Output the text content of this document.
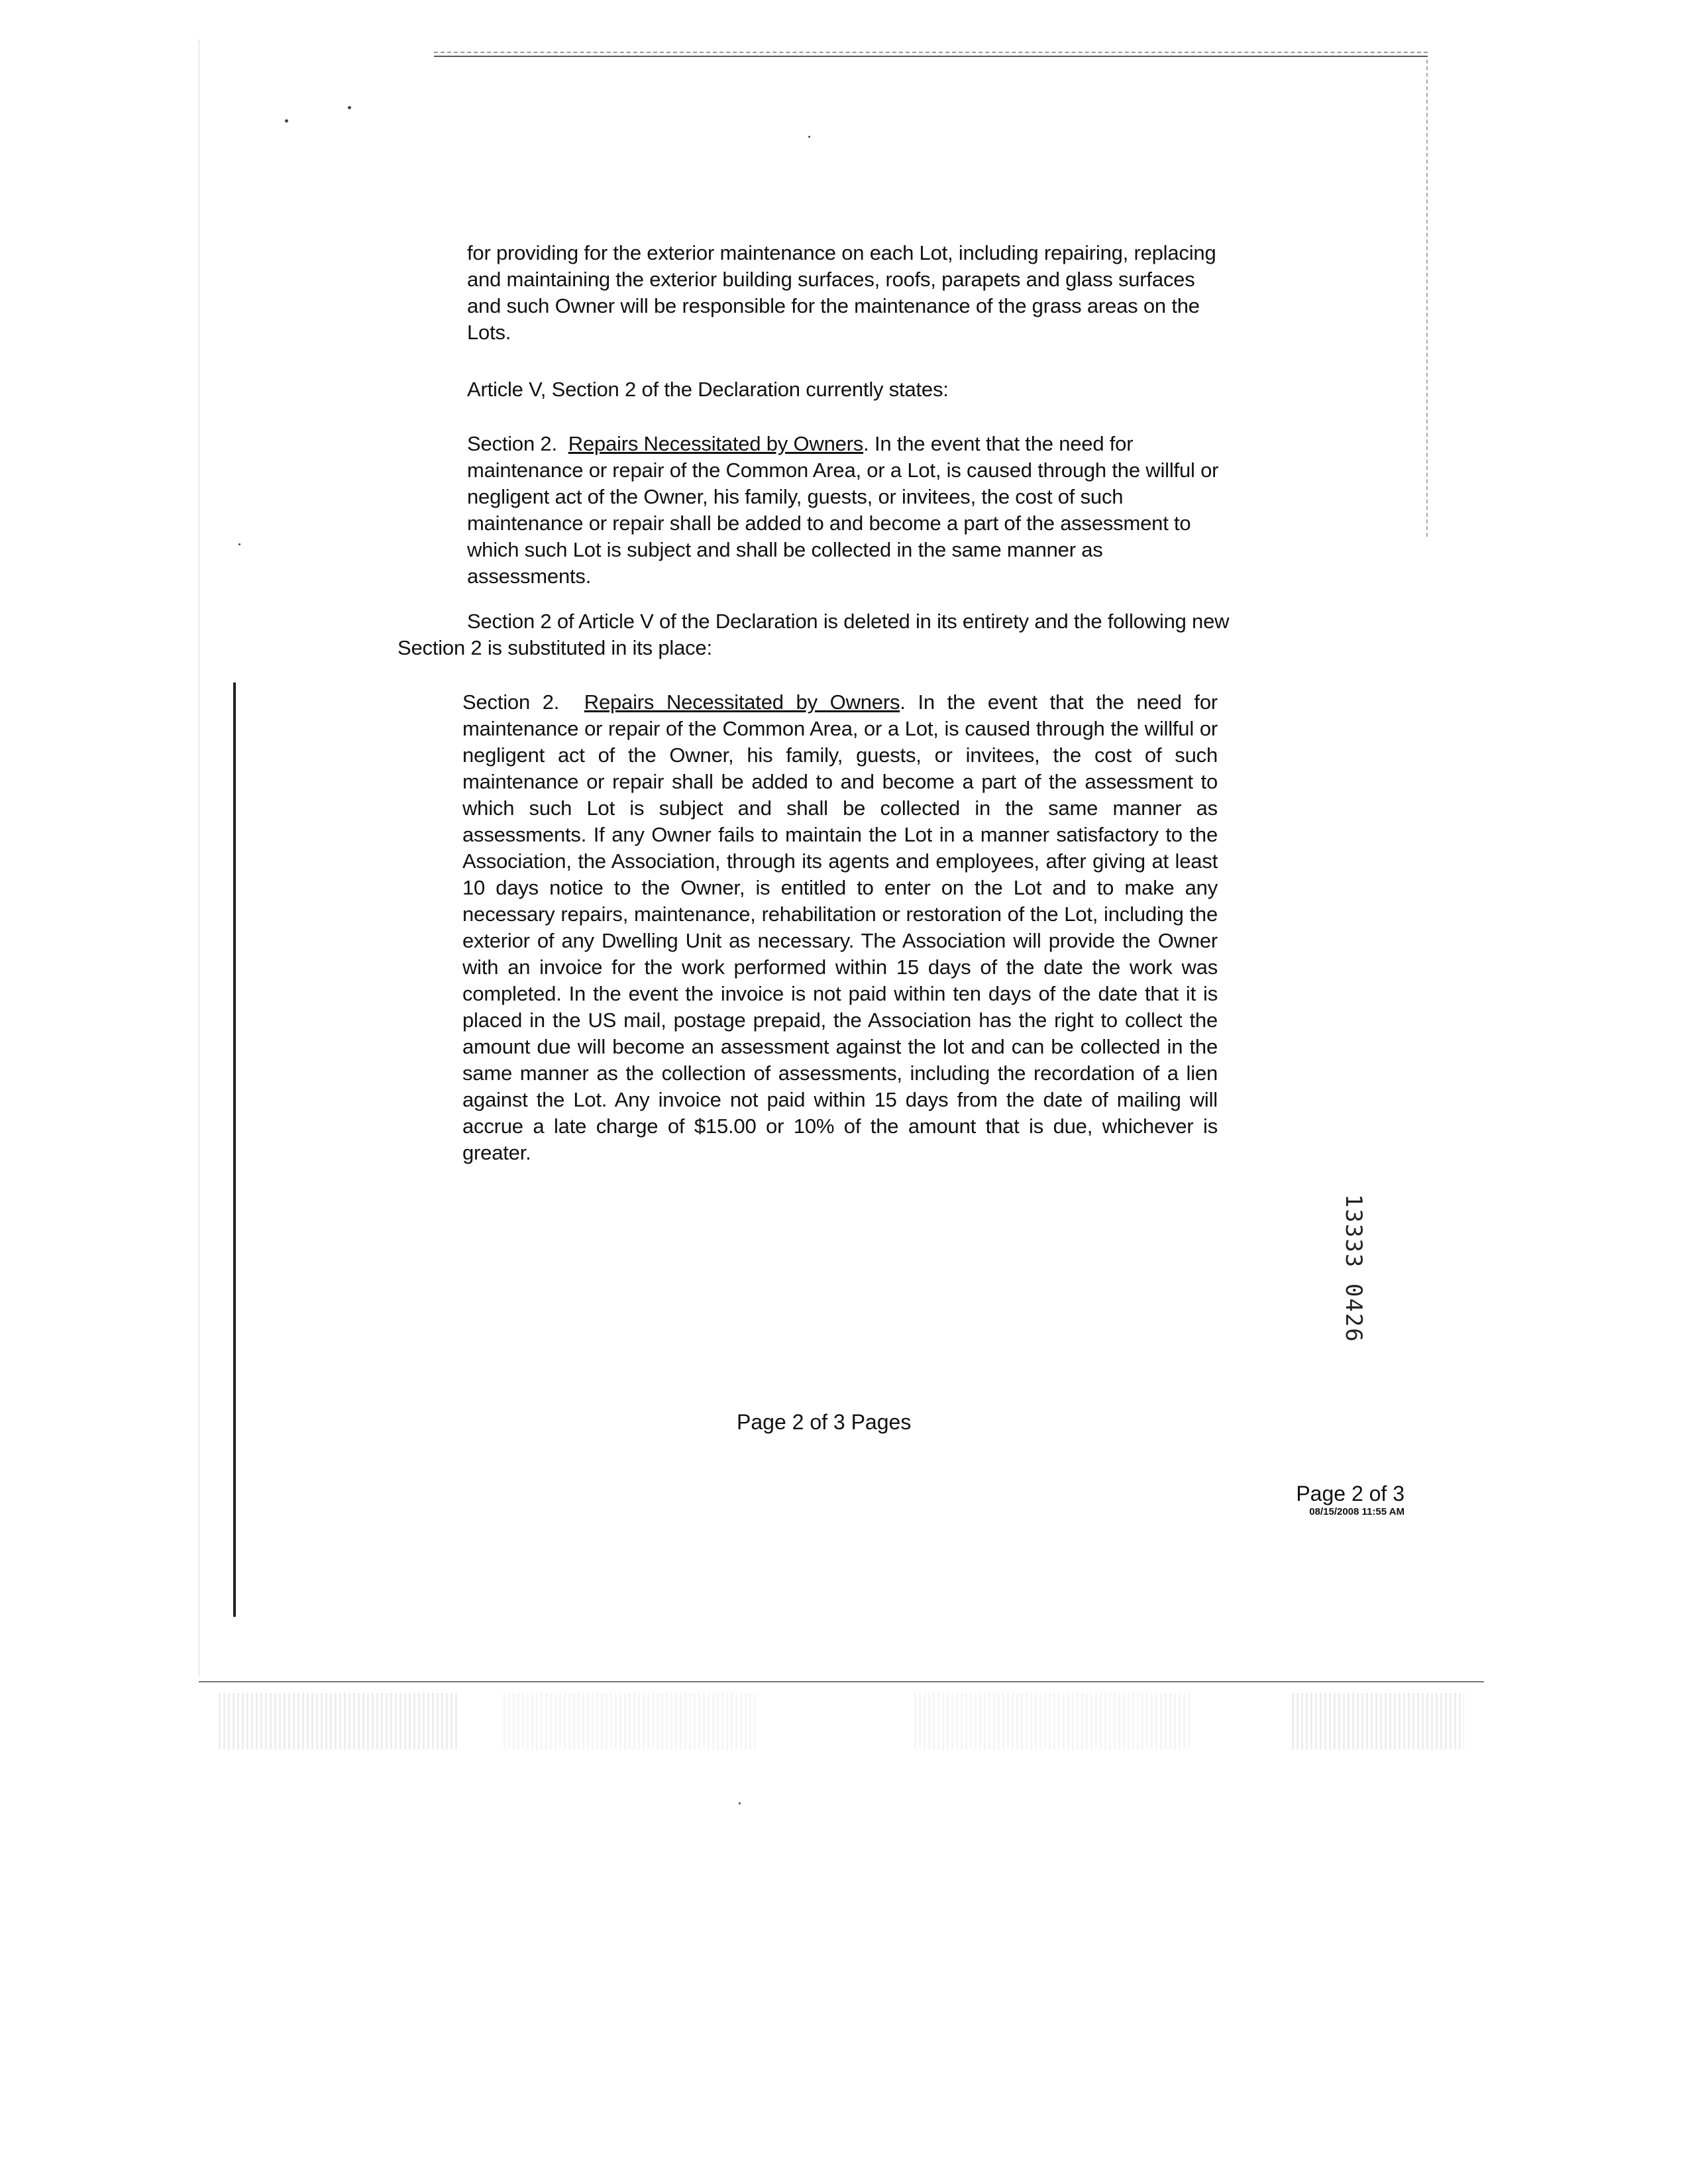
for providing for the exterior maintenance on each Lot, including repairing, replacing and maintaining the exterior building surfaces, roofs, parapets and glass surfaces and such Owner will be responsible for the maintenance of the grass areas on the Lots.
Article V, Section 2 of the Declaration currently states:
Section 2. Repairs Necessitated by Owners. In the event that the need for maintenance or repair of the Common Area, or a Lot, is caused through the willful or negligent act of the Owner, his family, guests, or invitees, the cost of such maintenance or repair shall be added to and become a part of the assessment to which such Lot is subject and shall be collected in the same manner as assessments.
Section 2 of Article V of the Declaration is deleted in its entirety and the following new Section 2 is substituted in its place:
Section 2. Repairs Necessitated by Owners. In the event that the need for maintenance or repair of the Common Area, or a Lot, is caused through the willful or negligent act of the Owner, his family, guests, or invitees, the cost of such maintenance or repair shall be added to and become a part of the assessment to which such Lot is subject and shall be collected in the same manner as assessments. If any Owner fails to maintain the Lot in a manner satisfactory to the Association, the Association, through its agents and employees, after giving at least 10 days notice to the Owner, is entitled to enter on the Lot and to make any necessary repairs, maintenance, rehabilitation or restoration of the Lot, including the exterior of any Dwelling Unit as necessary. The Association will provide the Owner with an invoice for the work performed within 15 days of the date the work was completed. In the event the invoice is not paid within ten days of the date that it is placed in the US mail, postage prepaid, the Association has the right to collect the amount due will become an assessment against the lot and can be collected in the same manner as the collection of assessments, including the recordation of a lien against the Lot. Any invoice not paid within 15 days from the date of mailing will accrue a late charge of $15.00 or 10% of the amount that is due, whichever is greater.
13333 0426
Page 2 of 3 Pages
Page 2 of 3
08/15/2008 11:55 AM
